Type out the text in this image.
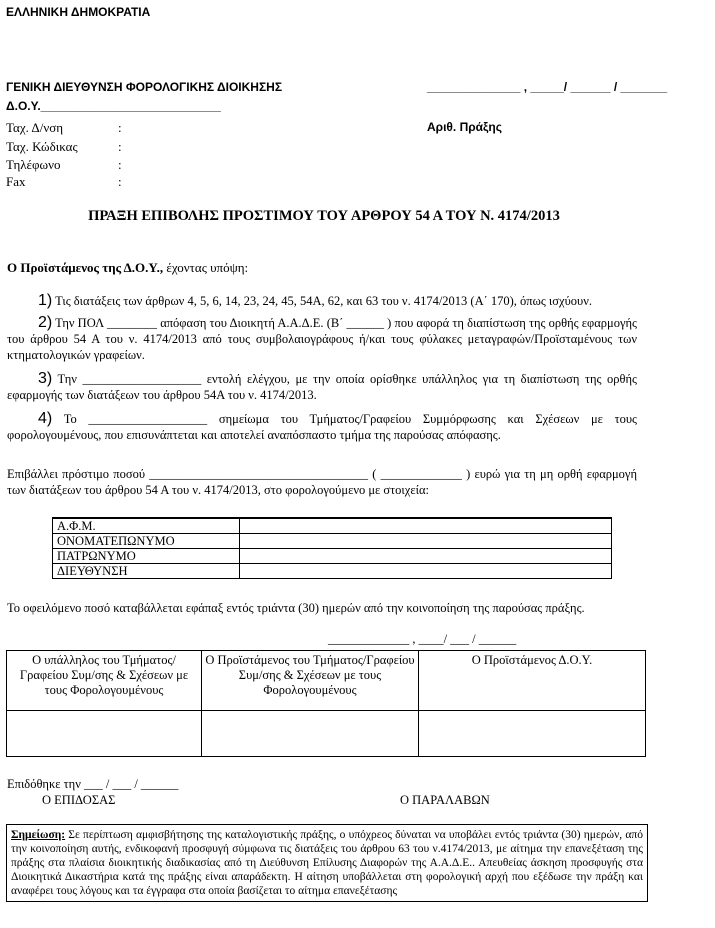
ΕΛΛΗΝΙΚΗ ΔΗΜΟΚΡΑΤΙΑ
ΓΕΝΙΚΗ ΔΙΕΥΘΥΝΣΗ ΦΟΡΟΛΟΓΙΚΗΣ ΔΙΟΙΚΗΣΗΣ
Δ.Ο.Υ.___________________________
______________ , _____/ ______ / _______
Αριθ. Πράξης
Ταχ. Δ/νση	:
Ταχ. Κώδικας	:
Τηλέφωνο	:
Fax	:
ΠΡΑΞΗ ΕΠΙΒΟΛΗΣ ΠΡΟΣΤΙΜΟΥ ΤΟΥ ΑΡΘΡΟΥ 54 Α ΤΟΥ Ν. 4174/2013
Ο Προϊστάμενος της Δ.Ο.Υ., έχοντας υπόψη:
1) Τις διατάξεις των άρθρων 4, 5, 6, 14, 23, 24, 45, 54Α, 62, και 63 του ν. 4174/2013 (Α΄ 170), όπως ισχύουν.
2) Την ΠΟΛ ________ απόφαση του Διοικητή Α.Α.Δ.Ε. (Β΄ ______ ) που αφορά τη διαπίστωση της ορθής εφαρμογής του άρθρου 54 Α του ν. 4174/2013 από τους συμβολαιογράφους ή/και τους φύλακες μεταγραφών/Προϊσταμένους των κτηματολογικών γραφείων.
3) Την ___________________ εντολή ελέγχου, με την οποία ορίσθηκε υπάλληλος για τη διαπίστωση της ορθής εφαρμογής των διατάξεων του άρθρου 54Α του ν. 4174/2013.
4) Το ___________________ σημείωμα του Τμήματος/Γραφείου Συμμόρφωσης και Σχέσεων με τους φορολογουμένους, που επισυνάπτεται και αποτελεί αναπόσπαστο τμήμα της παρούσας απόφασης.
Επιβάλλει πρόστιμο ποσού ___________________________________ ( _____________ ) ευρώ για τη μη ορθή εφαρμογή των διατάξεων του άρθρου 54 Α του ν. 4174/2013, στο φορολογούμενο με στοιχεία:
Α.Φ.Μ.	
ΟΝΟΜΑΤΕΠΩΝΥΜΟ	
ΠΑΤΡΩΝΥΜΟ	
ΔΙΕΥΘΥΝΣΗ	
Το οφειλόμενο ποσό καταβάλλεται εφάπαξ εντός τριάντα (30) ημερών από την κοινοποίηση της παρούσας πράξης.
_____________ , ____/ ___ / ______
Ο υπάλληλος του Τμήματος/Γραφείου Συμ/σης & Σχέσεων με τους Φορολογουμένους	Ο Προϊστάμενος του Τμήματος/Γραφείου Συμ/σης & Σχέσεων με τους Φορολογουμένους	Ο Προϊστάμενος Δ.Ο.Υ.

Επιδόθηκε την ___ / ___ / ______
Ο ΕΠΙΔΟΣΑΣ	Ο ΠΑΡΑΛΑΒΩΝ
Σημείωση: Σε περίπτωση αμφισβήτησης της καταλογιστικής πράξης, ο υπόχρεος δύναται να υποβάλει εντός τριάντα (30) ημερών, από την κοινοποίηση αυτής, ενδικοφανή προσφυγή σύμφωνα τις διατάξεις του άρθρου 63 του ν.4174/2013, με αίτημα την επανεξέταση της πράξης στα πλαίσια διοικητικής διαδικασίας από τη Διεύθυνση Επίλυσης Διαφορών της Α.Α.Δ.Ε.. Απευθείας άσκηση προσφυγής στα Διοικητικά Δικαστήρια κατά της πράξης είναι απαράδεκτη. Η αίτηση υποβάλλεται στη φορολογική αρχή που εξέδωσε την πράξη και αναφέρει τους λόγους και τα έγγραφα στα οποία βασίζεται το αίτημα επανεξέτασης
